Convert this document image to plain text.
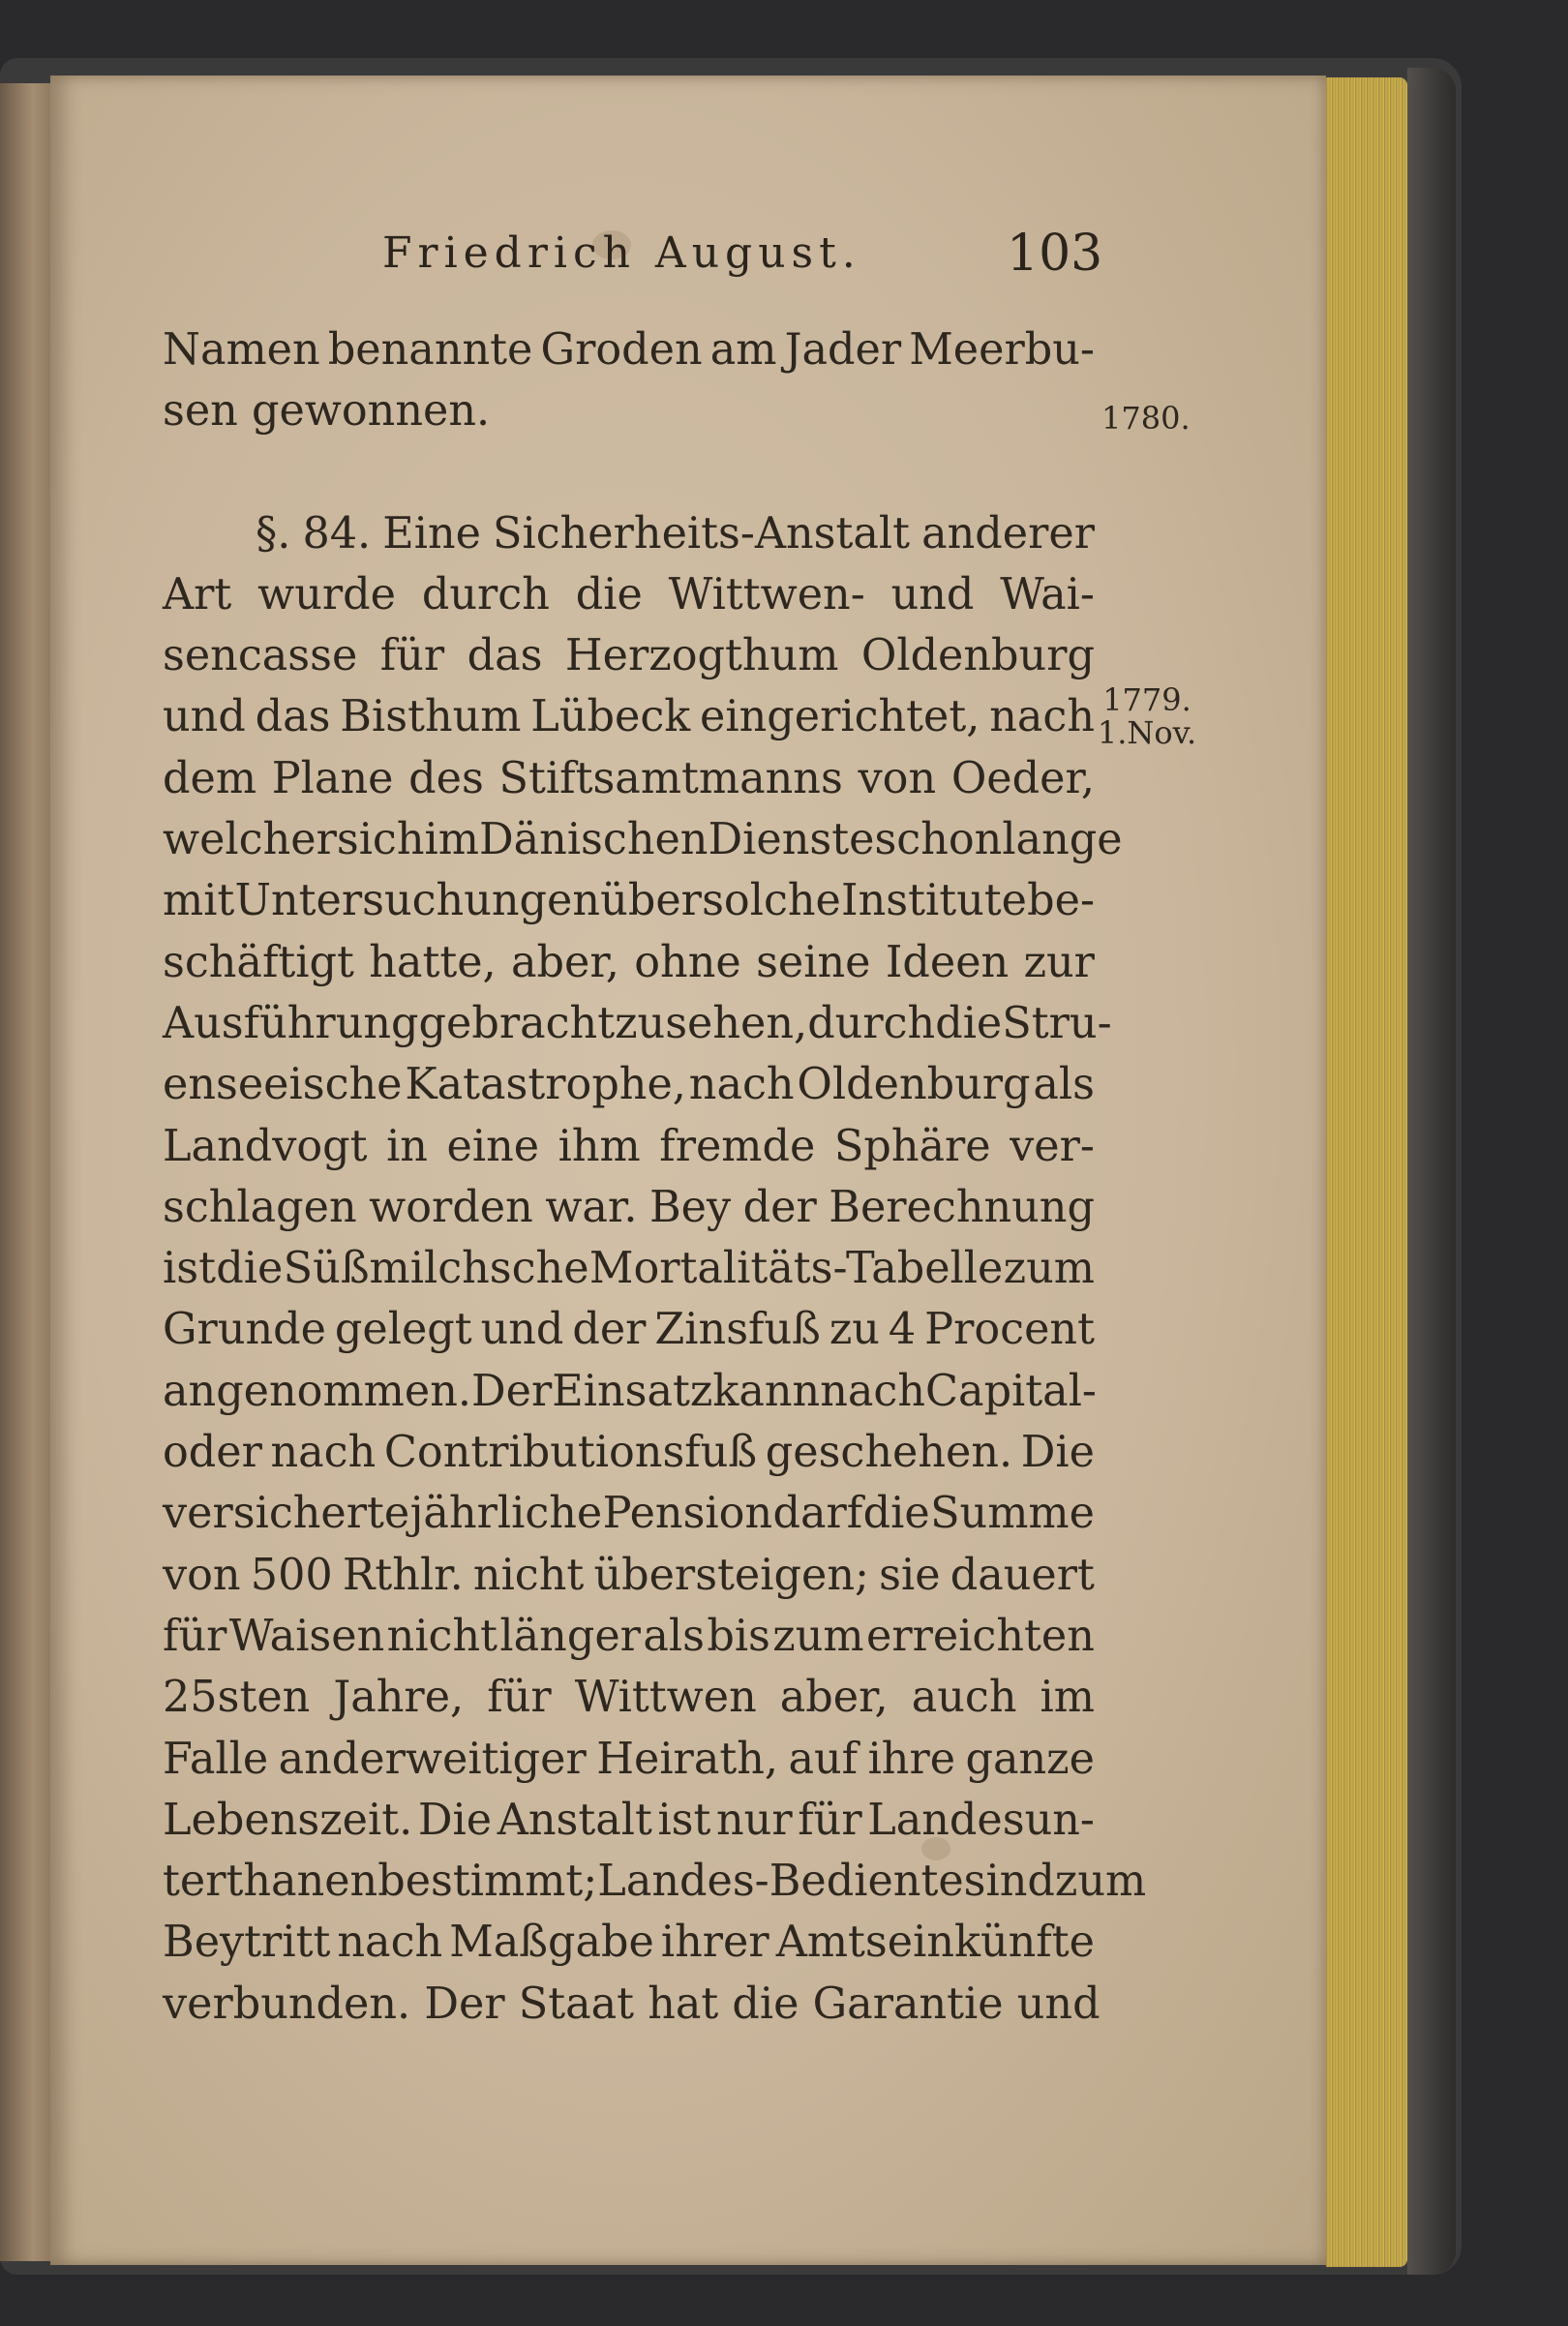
Friedrich August.	103
1780.
1779.
1.Nov.
Namen benannte Groden am Jader Meerbu-
sen gewonnen.
§. 84. Eine Sicherheits-Anstalt anderer
Art wurde durch die Wittwen- und Wai-
sencasse für das Herzogthum Oldenburg
und das Bisthum Lübeck eingerichtet, nach
dem Plane des Stiftsamtmanns von Oeder,
welcher sich im Dänischen Dienste schon lange
mit Untersuchungen über solche Institute be-
schäftigt hatte, aber, ohne seine Ideen zur
Ausführung gebracht zu sehen, durch die Stru-
enseeische Katastrophe, nach Oldenburg als
Landvogt in eine ihm fremde Sphäre ver-
schlagen worden war. Bey der Berechnung
ist die Süßmilchsche Mortalitäts-Tabelle zum
Grunde gelegt und der Zinsfuß zu 4 Procent
angenommen. Der Einsatz kann nach Capital-
oder nach Contributionsfuß geschehen. Die
versicherte jährliche Pension darf die Summe
von 500 Rthlr. nicht übersteigen; sie dauert
für Waisen nicht länger als bis zum erreichten
25sten Jahre, für Wittwen aber, auch im
Falle anderweitiger Heirath, auf ihre ganze
Lebenszeit. Die Anstalt ist nur für Landesun-
terthanen bestimmt; Landes-Bediente sind zum
Beytritt nach Maßgabe ihrer Amtseinkünfte
verbunden. Der Staat hat die Garantie und
